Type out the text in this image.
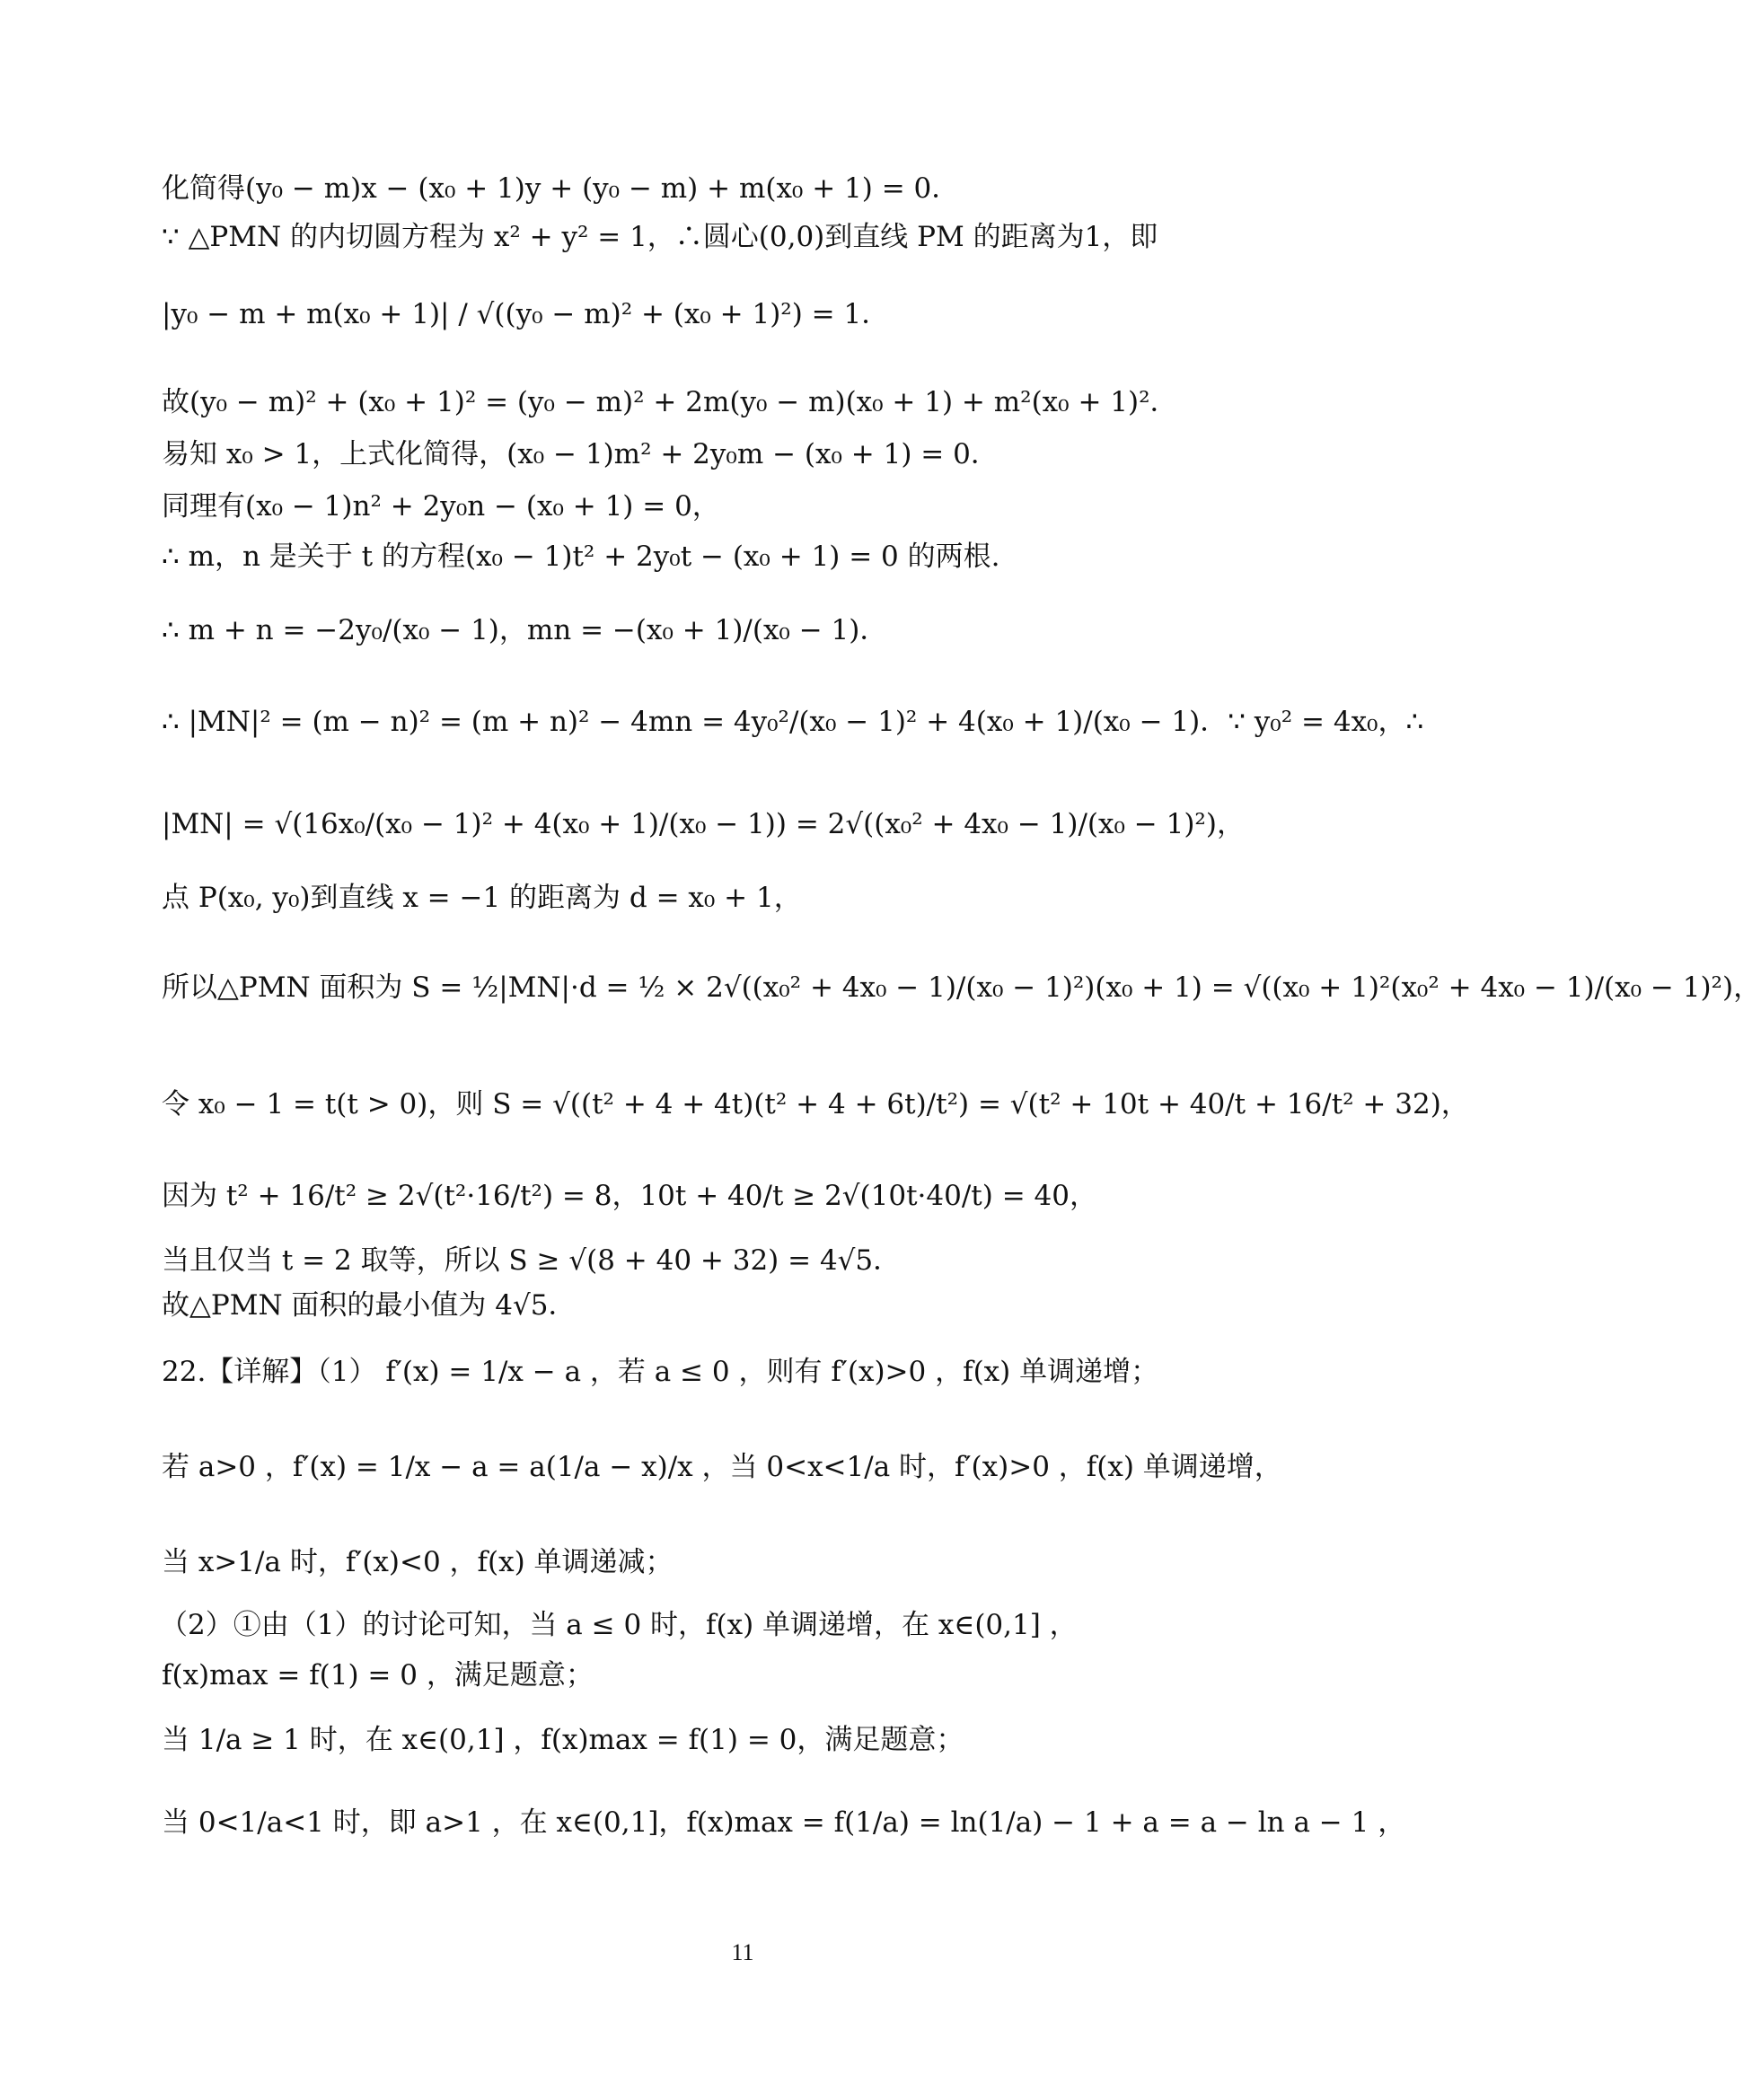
化简得(y₀ − m)x − (x₀ + 1)y + (y₀ − m) + m(x₀ + 1) = 0．
∵ △PMN 的内切圆方程为 x² + y² = 1，∴圆心(0,0)到直线 PM 的距离为1，即
|y₀ − m + m(x₀ + 1)| / √((y₀ − m)² + (x₀ + 1)²) = 1．
故(y₀ − m)² + (x₀ + 1)² = (y₀ − m)² + 2m(y₀ − m)(x₀ + 1) + m²(x₀ + 1)²．
易知 x₀ > 1，上式化简得，(x₀ − 1)m² + 2y₀m − (x₀ + 1) = 0．
同理有(x₀ − 1)n² + 2y₀n − (x₀ + 1) = 0，
∴ m，n 是关于 t 的方程(x₀ − 1)t² + 2y₀t − (x₀ + 1) = 0 的两根.
∴ m + n = −2y₀/(x₀ − 1)，mn = −(x₀ + 1)/(x₀ − 1)．
∴ |MN|² = (m − n)² = (m + n)² − 4mn = 4y₀²/(x₀ − 1)² + 4(x₀ + 1)/(x₀ − 1)．∵ y₀² = 4x₀，∴
|MN| = √(16x₀/(x₀ − 1)² + 4(x₀ + 1)/(x₀ − 1)) = 2√((x₀² + 4x₀ − 1)/(x₀ − 1)²)，
点 P(x₀, y₀)到直线 x = −1 的距离为 d = x₀ + 1，
所以△PMN 面积为 S = ½|MN|·d = ½ × 2√((x₀² + 4x₀ − 1)/(x₀ − 1)²)(x₀ + 1) = √((x₀ + 1)²(x₀² + 4x₀ − 1)/(x₀ − 1)²)，
令 x₀ − 1 = t(t > 0)，则 S = √((t² + 4 + 4t)(t² + 4 + 6t)/t²) = √(t² + 10t + 40/t + 16/t² + 32)，
因为 t² + 16/t² ≥ 2√(t²·16/t²) = 8，10t + 40/t ≥ 2√(10t·40/t) = 40，
当且仅当 t = 2 取等，所以 S ≥ √(8 + 40 + 32) = 4√5．
故△PMN 面积的最小值为 4√5．
22.【详解】（1） f′(x) = 1/x − a ，若 a ≤ 0 ，则有 f′(x)>0 ，f(x) 单调递增；
若 a>0 ，f′(x) = 1/x − a = a(1/a − x)/x ，当 0<x<1/a 时，f′(x)>0 ，f(x) 单调递增，
当 x>1/a 时，f′(x)<0 ，f(x) 单调递减；
（2）①由（1）的讨论可知，当 a ≤ 0 时，f(x) 单调递增，在 x∈(0,1] ，
f(x)max = f(1) = 0 ，满足题意；
当 1/a ≥ 1 时，在 x∈(0,1] ，f(x)max = f(1) = 0，满足题意；
当 0<1/a<1 时，即 a>1 ，在 x∈(0,1]，f(x)max = f(1/a) = ln(1/a) − 1 + a = a − ln a − 1 ，
11
